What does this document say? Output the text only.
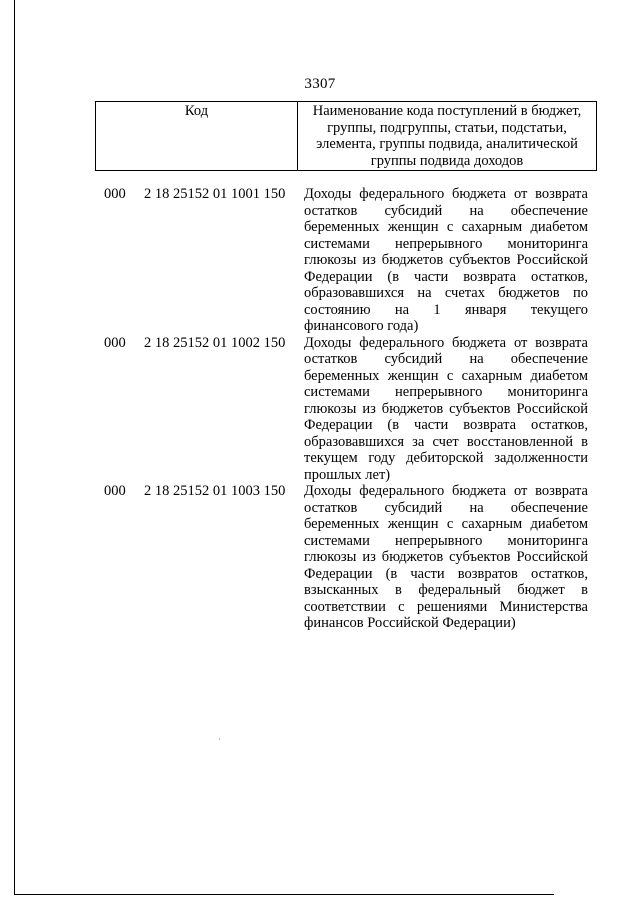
3307
Код	Наименование кода поступлений в бюджет, группы, подгруппы, статьи, подстатьи, элемента, группы подвида, аналитической группы подвида доходов
000	2 18 25152 01 1001 150	Доходы федерального бюджета от возврата остатков субсидий на обеспечение беременных женщин с сахарным диабетом системами непрерывного мониторинга глюкозы из бюджетов субъектов Российской Федерации (в части возврата остатков, образовавшихся на счетах бюджетов по состоянию на 1 января текущего финансового года)
000	2 18 25152 01 1002 150	Доходы федерального бюджета от возврата остатков субсидий на обеспечение беременных женщин с сахарным диабетом системами непрерывного мониторинга глюкозы из бюджетов субъектов Российской Федерации (в части возврата остатков, образовавшихся за счет восстановленной в текущем году дебиторской задолженности прошлых лет)
000	2 18 25152 01 1003 150	Доходы федерального бюджета от возврата остатков субсидий на обеспечение беременных женщин с сахарным диабетом системами непрерывного мониторинга глюкозы из бюджетов субъектов Российской Федерации (в части возвратов остатков, взысканных в федеральный бюджет в соответствии с решениями Министерства финансов Российской Федерации)
